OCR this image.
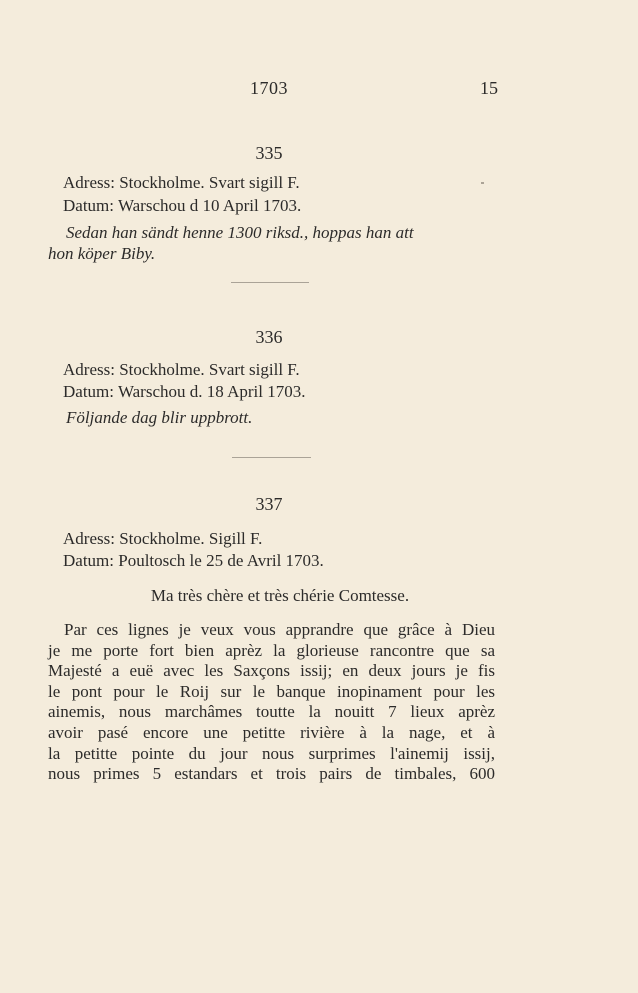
1703	15
335
Adress: Stockholme. Svart sigill F.
Datum: Warschou d 10 April 1703.
Sedan han sändt henne 1300 riksd., hoppas han att
hon köper Biby.
336
Adress: Stockholme. Svart sigill F.
Datum: Warschou d. 18 April 1703.
Följande dag blir uppbrott.
337
Adress: Stockholme. Sigill F.
Datum: Poultosch le 25 de Avril 1703.
Ma très chère et très chérie Comtesse.
Par ces lignes je veux vous apprandre que grâce à Dieu
je me porte fort bien aprèz la glorieuse rancontre que sa
Majesté a euë avec les Saxçons issij; en deux jours je fis
le pont pour le Roij sur le banque inopinament pour les
ainemis, nous marchâmes toutte la nouitt 7 lieux aprèz
avoir pasé encore une petitte rivière à la nage, et à
la petitte pointe du jour nous surprimes l'ainemij issij,
nous primes 5 estandars et trois pairs de timbales, 600
